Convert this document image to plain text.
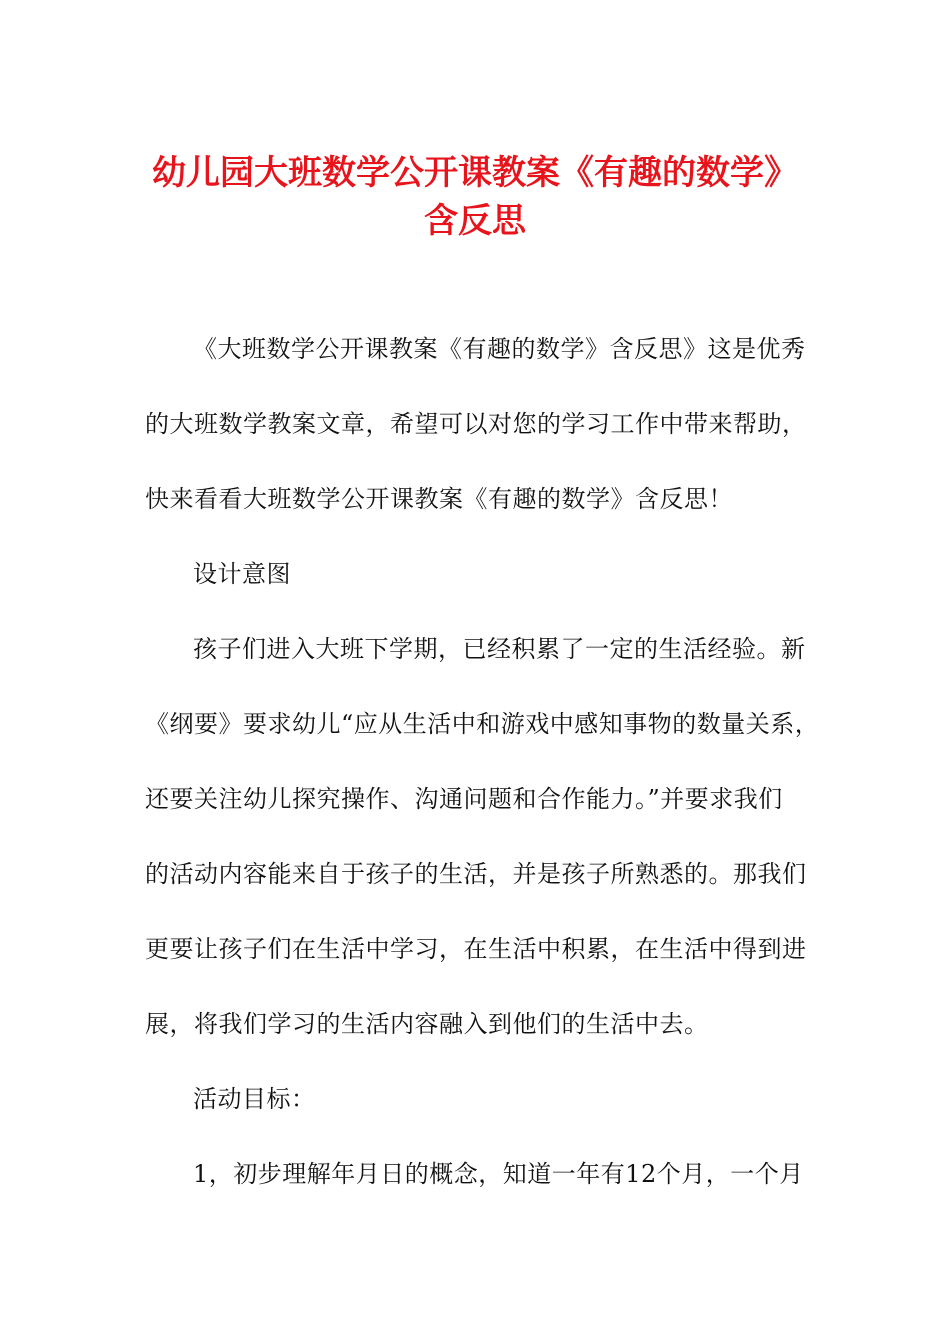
幼儿园大班数学公开课教案《有趣的数学》
含反思
《大班数学公开课教案《有趣的数学》含反思》这是优秀
的大班数学教案文章，希望可以对您的学习工作中带来帮助，
快来看看大班数学公开课教案《有趣的数学》含反思！
设计意图
孩子们进入大班下学期，已经积累了一定的生活经验。新
《纲要》要求幼儿“应从生活中和游戏中感知事物的数量关系，
还要关注幼儿探究操作、沟通问题和合作能力。”并要求我们
的活动内容能来自于孩子的生活，并是孩子所熟悉的。那我们
更要让孩子们在生活中学习，在生活中积累，在生活中得到进
展，将我们学习的生活内容融入到他们的生活中去。
活动目标：
1，初步理解年月日的概念，知道一年有12个月，一个月
